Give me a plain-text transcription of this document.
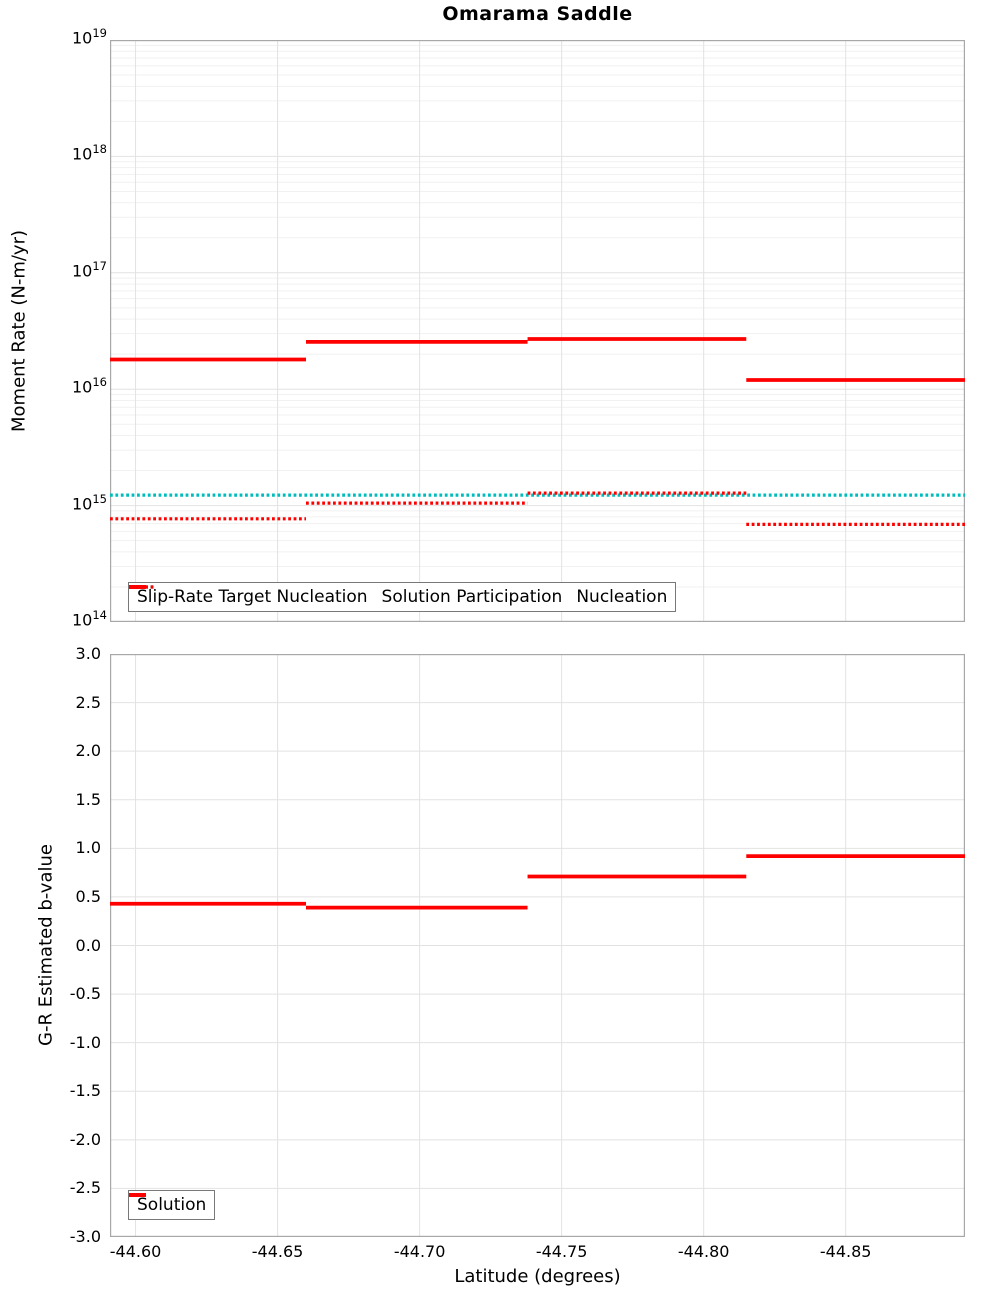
Omarama Saddle
Moment Rate (N-m/yr)
G-R Estimated b-value
Slip-Rate Target Nucleation Solution Participation Nucleation
Solution
Latitude (degrees)
$10^{19}$
$10^{18}$
$10^{17}$
$10^{16}$
$10^{15}$
$10^{14}$
3.0
2.5
2.0
1.5
1.0
0.5
0.0
-0.5
-1.0
-1.5
-2.0
-2.5
-3.0
-44.60	-44.65	-44.70	-44.75	-44.80	-44.85
